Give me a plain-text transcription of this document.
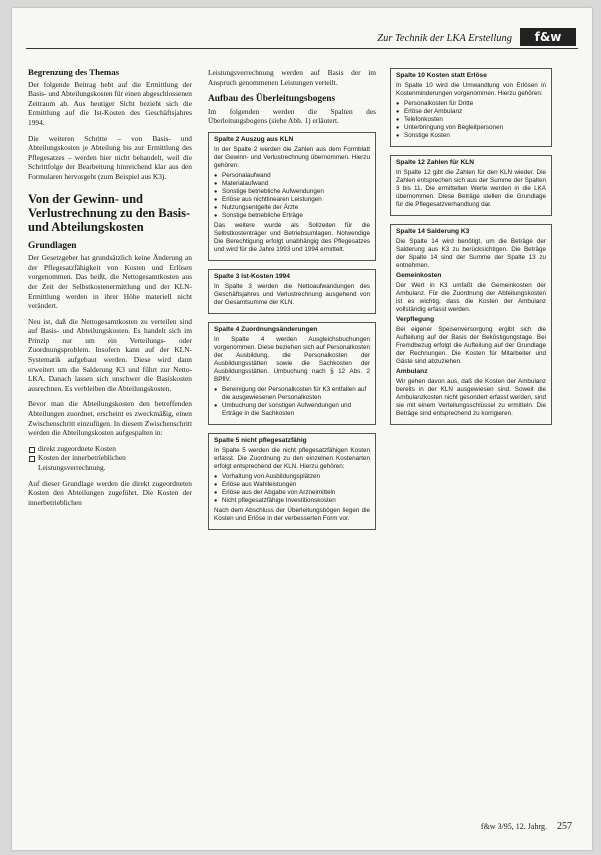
Zur Technik der LKA Erstellung	f&w
Begrenzung des Themas

Der folgende Beitrag hebt auf die Ermittlung der Basis- und Abteilungskosten für einen abgeschlossenen Zeitraum ab. Aus heutiger Sicht bezieht sich die Ermittlung auf die Ist-Kosten des Geschäftsjahres 1994.

Die weiteren Schritte – von Basis- und Abteilungskosten je Abteilung bis zur Ermittlung des Pflegesatzes – werden hier nicht behandelt, weil die Schrittfolge der Bearbeitung hinreichend klar aus den Formularen hervorgeht (zum Beispiel aus K3).

Von der Gewinn- und Verlustrechnung zu den Basis- und Abteilungskosten
Grundlagen

Der Gesetzgeber hat grundsätzlich keine Änderung an der Pflegesatzfähigkeit von Kosten und Erlösen vorgenommen. Das heißt, die Nettogesamtkosten aus der Zeit der Selbstkostenermittlung und der KLN-Ermittlung werden in ihrer Höhe materiell nicht verändert.

Neu ist, daß die Nettogesamtkosten zu verteilen sind auf Basis- und Abteilungskosten. Es handelt sich im Prinzip nur um ein Verteilungs- oder Zuordnungsproblem. Insofern kann auf der KLN-Systematik aufgebaut werden. Diese wird dann erweitert um die Salderung K3 und führt zur Netto-LKA. Danach lassen sich unschwer die Basiskosten ausrechnen. Es verbleiben die Abteilungskosten.

Bevor man die Abteilungskosten den betreffenden Abteilungen zuordnet, erscheint es zweckmäßig, einen Zwischenschritt einzufügen. In diesem Zwischenschritt werden die Abteilungskosten aufgespalten in:

direkt zugeordnete Kosten
Kosten der innerbetrieblichen Leistungsverrechnung.

Auf dieser Grundlage werden die direkt zugeordneten Kosten den Abteilungen zugeführt. Die Kosten der innerbetrieblichen

Leistungsverrechnung werden auf Basis der im Anspruch genommenen Leistungen verteilt.

Aufbau des Überleitungsbogens

Im folgenden werden die Spalten des Überleitungsbogens (siehe Abb. 1) erläutert.

Spalte 2 Auszug aus KLN

In der Spalte 2 werden die Zahlen aus dem Formblatt der Gewinn- und Verlustrechnung übernommen. Hierzu gehören:

● Personalaufwand
● Materialaufwand
● Sonstige betriebliche Aufwendungen
● Erlöse aus nichtlinearen Leistungen
● Nutzungsentgelte der Ärzte
● Sonstige betriebliche Erträge

Das weitere wurde als Sollzeiten für die Selbstkostenträger und Betriebsumlagen. Notwendige Die Berechtigung erfolgt unabhängig des Pflegesatzes und wird für die Jahre 1993 und 1994 ermittelt.

Spalte 3 Ist-Kosten 1994

In Spalte 3 werden die Nettoaufwandungen des Geschäftsjahres und Verlustrechnung ausgehend von der Gesamtsumme der KLN.

Spalte 4 Zuordnungsänderungen

In Spalte 4 werden Ausgleichsbuchungen vorgenommen. Diese beziehen sich auf Personalkosten der Ausbildung, die Personalkosten der Ausbildungsstätten sowie die Sachkosten der Ausbildungsstätten. Umbuchung nach § 12 Abs. 2 BPflV.

● Bereinigung der Personalkosten für K3 entfallen auf die ausgewiesenen Personalkosten
● Umbuchung der sonstigen Aufwendungen und Erträge in die Sachkosten
Spalte 5 nicht pflegesatzfähig

In Spalte 5 werden die nicht pflegesatzfähigen Kosten erfasst. Die Zuordnung zu den einzelnen Kostenarten erfolgt entsprechend der KLN. Hierzu gehören:

● Vorhaltung von Ausbildungsplätzen
● Erlöse aus Wahlleistungen
● Erlöse aus der Abgabe von Arzneimitteln
● Nicht pflegesatzfähige Investitionskosten

Nach dem Abschluss der Überleitungsbögen liegen die Kosten und Erlöse in der verbesserten Form vor.

Spalte 10 Kosten statt Erlöse

In Spalte 10 wird die Umwandlung von Erlösen in Kostenminderungen vorgenommen. Hierzu gehören:

● Personalkosten für Dritte
● Erlöse der Ambulanz
● Telefonkosten
● Unterbringung von Begleitpersonen
● Sonstige Kosten
Spalte 12 Zahlen für KLN

In Spalte 12 gibt die Zahlen für den KLN wieder. Die Zahlen entsprechen sich aus der Summe der Spalten 3 bis 11. Die ermittelten Werte werden in die LKA übernommen. Diese Beträge stellen die Grundlage für die Pflegesatzverhandlung dar.

Spalte 14 Salderung K3

Die Spalte 14 wird benötigt, um die Beträge der Salderung aus K3 zu berücksichtigen. Die Beträge der Spalte 14 sind der Summe der Spalte 13 zu entnehmen.

Gemeinkosten

Der Wert in K3 umfaßt die Gemeinkosten der Ambulanz. Für die Zuordnung der Abteilungskosten ist es wichtig, dass die Kosten der Ambulanz vollständig erfasst werden.

Verpflegung

Bei eigener Speisenversorgung ergibt sich die Aufteilung auf der Basis der Beköstigungstage. Bei Fremdbezug erfolgt die Aufteilung auf der Grundlage der Rechnungen. Die Kosten für Mitarbeiter und Gäste sind abzuziehen.

Ambulanz

Wir gehen davon aus, daß die Kosten der Ambulanz bereits in der KLN ausgewiesen sind. Soweit die Ambulanzkosten nicht gesondert erfasst werden, sind sie mit einem Verteilungsschlüssel zu ermitteln. Die Beträge sind entsprechend zu korrigieren.

f&w 3/95, 12. Jahrg. 257
